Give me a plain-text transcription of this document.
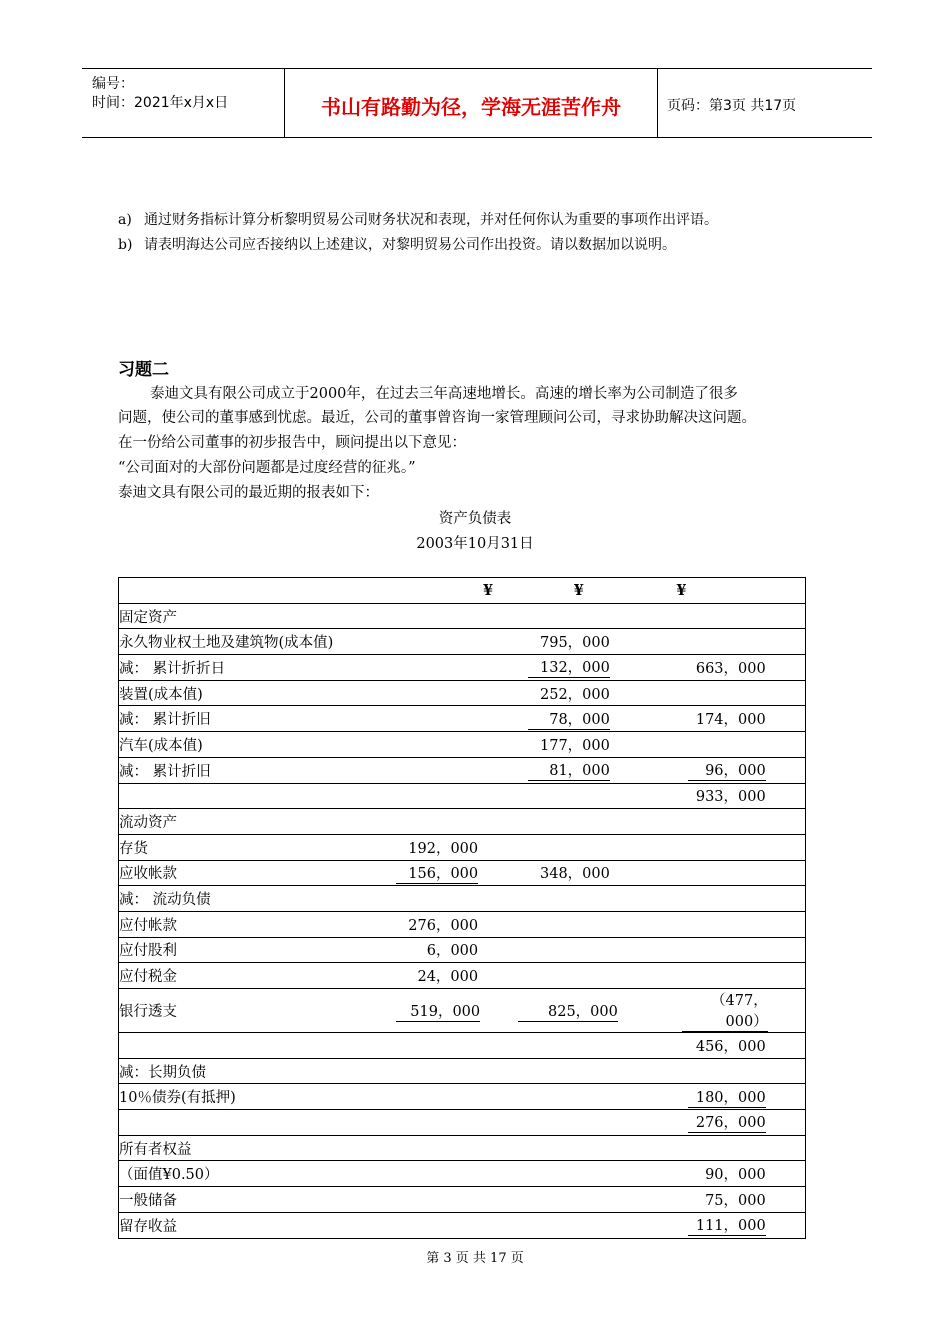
编号：
时间：2021年x月x日	书山有路勤为径，学海无涯苦作舟	页码：第3页 共17页
a) 通过财务指标计算分析黎明贸易公司财务状况和表现，并对任何你认为重要的事项作出评语。
b) 请表明海达公司应否接纳以上述建议，对黎明贸易公司作出投资。请以数据加以说明。
习题二
泰迪文具有限公司成立于2000年，在过去三年高速地增长。高速的增长率为公司制造了很多
问题，使公司的董事感到忧虑。最近，公司的董事曾咨询一家管理顾问公司，寻求协助解决这问题。
在一份给公司董事的初步报告中，顾问提出以下意见：
“公司面对的大部份问题都是过度经营的征兆。”
泰迪文具有限公司的最近期的报表如下：
资产负债表
2003年10月31日

	¥	¥	¥

固定资产			
永久物业权土地及建筑物(成本值)		795，000	
减： 累计折折日		132，000	663，000
装置(成本值)		252，000	
减： 累计折旧		78，000	174，000
汽车(成本值)		177，000	
减： 累计折旧		81，000	96，000
			933，000
流动资产			
存货	192，000		
应收帐款	156，000	348，000	
减： 流动负债			
应付帐款	276，000		
应付股利	6，000		
应付税金	24，000		
银行透支	519，000	825，000	（477，000）
			456，000
减：长期负债			
10％债券(有抵押)			180，000
			276，000
所有者权益			
（面值¥0.50）			90，000
一般储备			75，000
留存收益			111，000
第 3 页 共 17 页
